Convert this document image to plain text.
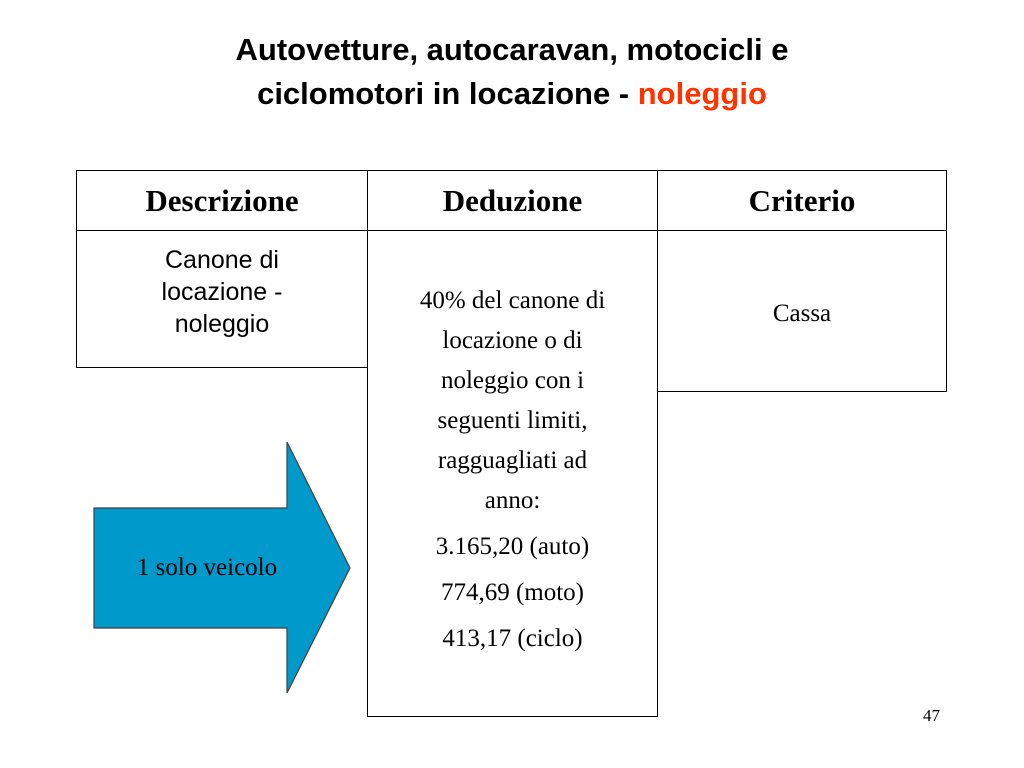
Autovetture, autocaravan, motocicli e
ciclomotori in locazione - noleggio
Descrizione	Deduzione	Criterio
Canone di
locazione -
noleggio
40% del canone di
locazione o di
noleggio con i
seguenti limiti,
ragguagliati ad
anno:
3.165,20 (auto)
774,69 (moto)
413,17 (ciclo)
Cassa
1 solo veicolo
47
